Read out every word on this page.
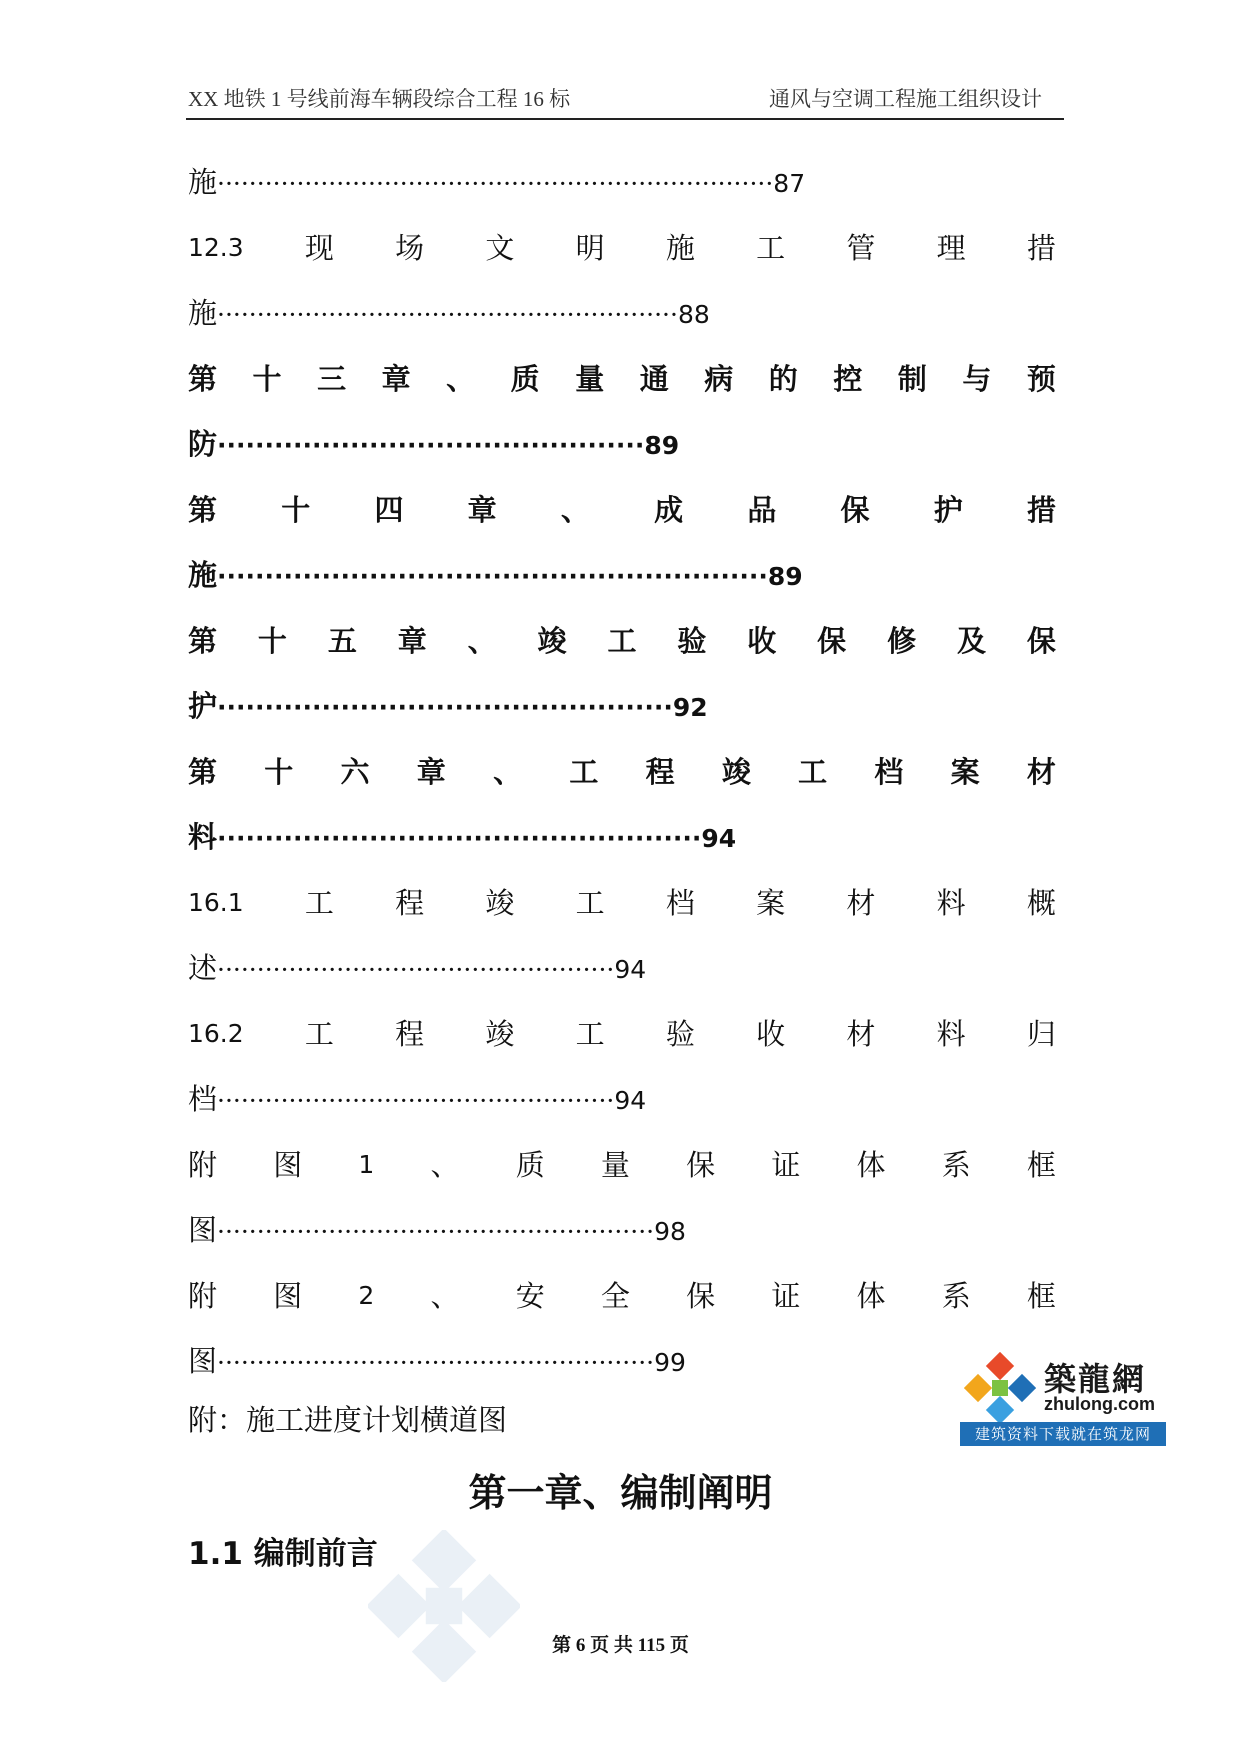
XX 地铁 1 号线前海车辆段综合工程 16 标	通风与空调工程施工组织设计
施······································································87
12.3 现 场 文 明 施 工 管 理 措
施··························································88
第 十 三 章 、 质 量 通 病 的 控 制 与 预
防·············································89
第 十 四 章 、 成 品 保 护 措
施··························································89
第 十 五 章 、 竣 工 验 收 保 修 及 保
护················································92
第 十 六 章 、 工 程 竣 工 档 案 材
料···················································94
16.1 工 程 竣 工 档 案 材 料 概
述··················································94
16.2 工 程 竣 工 验 收 材 料 归
档··················································94
附 图 1 、 质 量 保 证 体 系 框
图·······················································98
附 图 2 、 安 全 保 证 体 系 框
图·······················································99
附：施工进度计划横道图
第一章、编制阐明
1.1 编制前言
第 6 页 共 115 页
築龍網
zhulong.com
建筑资料下载就在筑龙网
